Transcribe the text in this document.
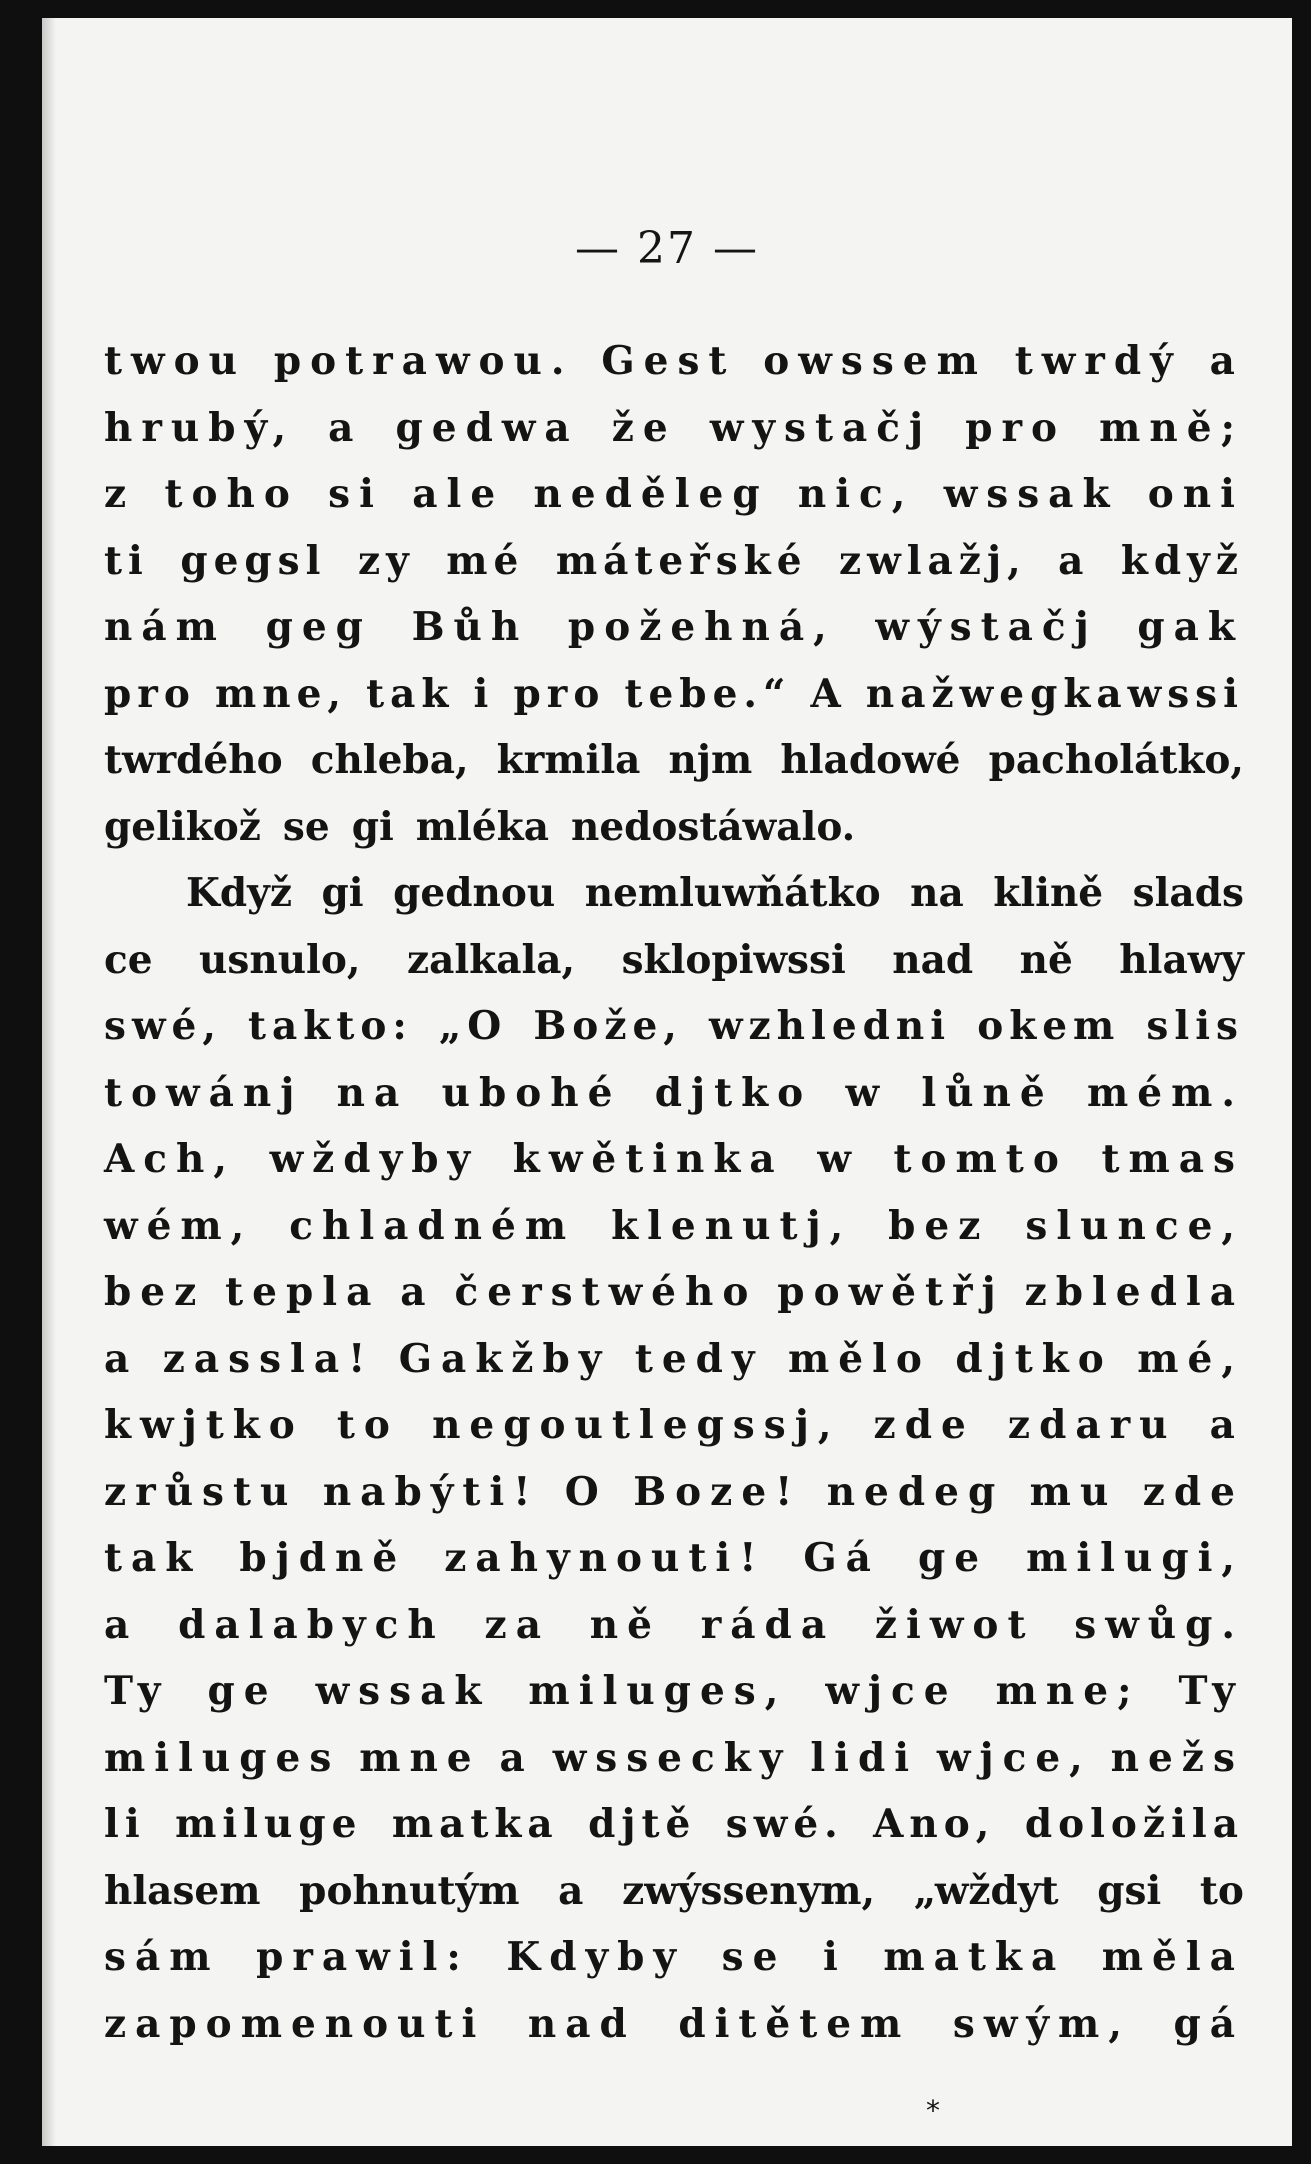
— 27 —
twou potrawou. Gest owssem twrdý a
hrubý, a gedwa že wystačj pro mně;
z toho si ale neděleg nic, wssak oni
ti gegsl zy mé máteřské zwlažj, a když
nám geg Bůh požehná, wýstačj gak
pro mne, tak i pro tebe.“ A nažwegkawssi
twrdého chleba, krmila njm hladowé pacholátko,
gelikož se gi mléka nedostáwalo.
Když gi gednou nemluwňátko na klině slads
ce usnulo, zalkala, sklopiwssi nad ně hlawy
swé, takto: „O Bože, wzhledni okem slis
towánj na ubohé djtko w lůně mém.
Ach, wždyby kwětinka w tomto tmas
wém, chladném klenutj, bez slunce,
bez tepla a čerstwého powětřj zbledla
a zassla! Gakžby tedy mělo djtko mé,
kwjtko to negoutlegssj, zde zdaru a
zrůstu nabýti! O Boze! nedeg mu zde
tak bjdně zahynouti! Gá ge milugi,
a dalabych za ně ráda žiwot swůg.
Ty ge wssak miluges, wjce mne; Ty
miluges mne a wssecky lidi wjce, nežs
li miluge matka djtě swé. Ano, doložila
hlasem pohnutým a zwýssenym, „wždyt gsi to
sám prawil: Kdyby se i matka měla
zapomenouti nad ditětem swým, gá
*
